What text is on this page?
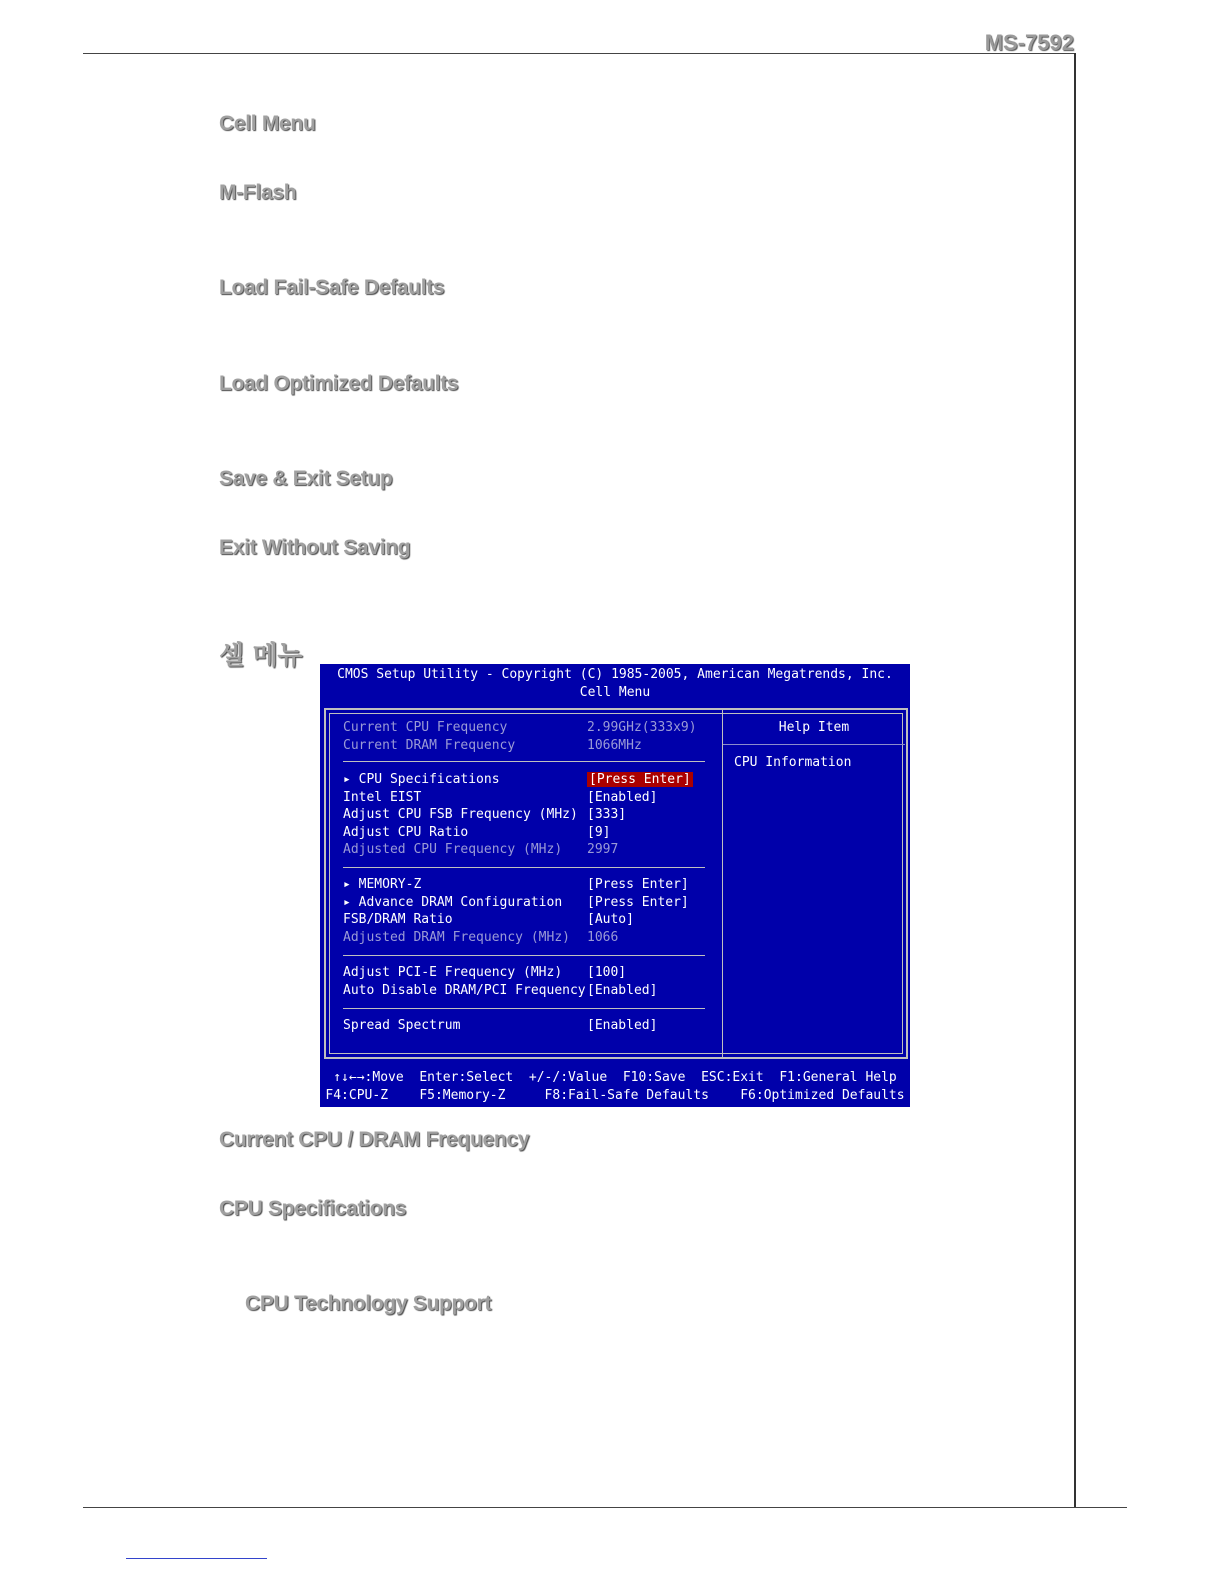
MS-7592
Cell Menu
M-Flash
Load Fail-Safe Defaults
Load Optimized Defaults
Save & Exit Setup
Exit Without Saving
셀 메뉴
CMOS Setup Utility - Copyright (C) 1985-2005, American Megatrends, Inc.
Cell Menu
Help Item
CPU Information
Current CPU Frequency	2.99GHz(333x9)
Current DRAM Frequency	1066MHz
▸ CPU Specifications	[Press Enter]
Intel EIST	[Enabled]
Adjust CPU FSB Frequency (MHz) [333]
Adjust CPU Ratio	[9]
Adjusted CPU Frequency (MHz) 2997
▸ MEMORY-Z	[Press Enter]
▸ Advance DRAM Configuration [Press Enter]
FSB/DRAM Ratio	[Auto]
Adjusted DRAM Frequency (MHz) 1066
Adjust PCI-E Frequency (MHz) [100]
Auto Disable DRAM/PCI Frequency[Enabled]
Spread Spectrum	[Enabled]
↑↓←→:Move  Enter:Select  +/-/:Value  F10:Save  ESC:Exit  F1:General Help
F4:CPU-Z    F5:Memory-Z     F8:Fail-Safe Defaults    F6:Optimized Defaults
Current CPU / DRAM Frequency
CPU Specifications
CPU Technology Support
